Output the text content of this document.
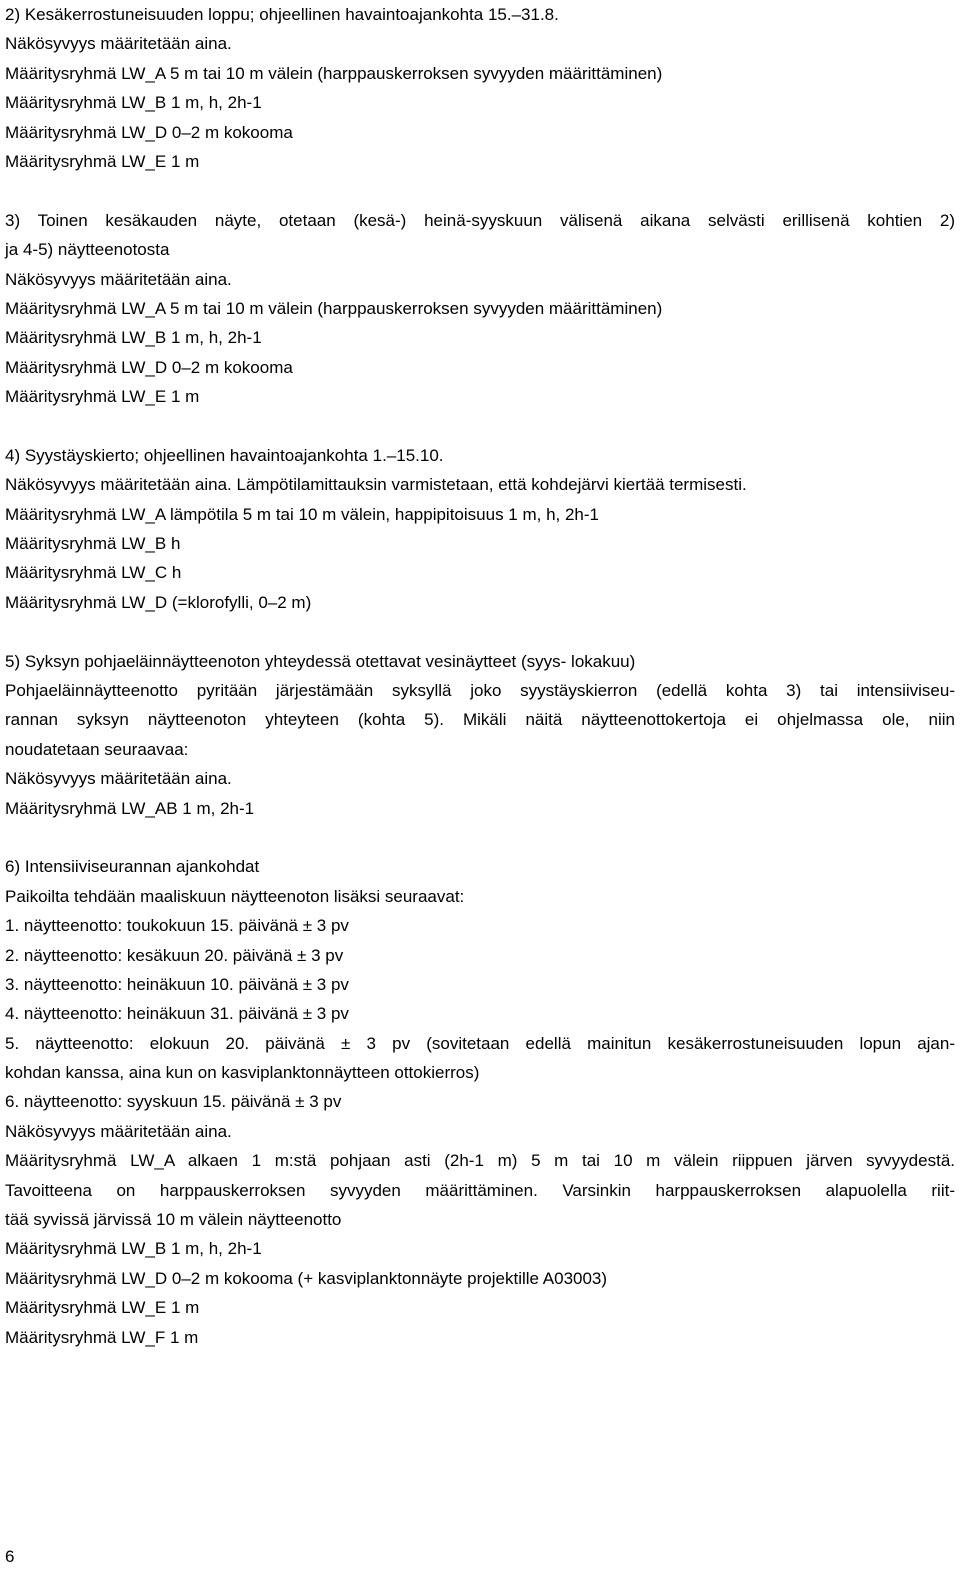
2) Kesäkerrostuneisuuden loppu; ohjeellinen havaintoajankohta 15.–31.8.
Näkösyvyys määritetään aina.
Määritysryhmä LW_A 5 m tai 10 m välein (harppauskerroksen syvyyden määrittäminen)
Määritysryhmä LW_B 1 m, h, 2h-1
Määritysryhmä LW_D 0–2 m kokooma
Määritysryhmä LW_E 1 m
3) Toinen kesäkauden näyte, otetaan (kesä-) heinä-syyskuun välisenä aikana selvästi erillisenä kohtien 2)
ja 4-5) näytteenotosta
Näkösyvyys määritetään aina.
Määritysryhmä LW_A 5 m tai 10 m välein (harppauskerroksen syvyyden määrittäminen)
Määritysryhmä LW_B 1 m, h, 2h-1
Määritysryhmä LW_D 0–2 m kokooma
Määritysryhmä LW_E 1 m
4) Syystäyskierto; ohjeellinen havaintoajankohta 1.–15.10.
Näkösyvyys määritetään aina. Lämpötilamittauksin varmistetaan, että kohdejärvi kiertää termisesti.
Määritysryhmä LW_A lämpötila 5 m tai 10 m välein, happipitoisuus 1 m, h, 2h-1
Määritysryhmä LW_B h
Määritysryhmä LW_C h
Määritysryhmä LW_D (=klorofylli, 0–2 m)
5) Syksyn pohjaeläinnäytteenoton yhteydessä otettavat vesinäytteet (syys- lokakuu)
Pohjaeläinnäytteenotto pyritään järjestämään syksyllä joko syystäyskierron (edellä kohta 3) tai intensiiviseu-
rannan syksyn näytteenoton yhteyteen (kohta 5). Mikäli näitä näytteenottokertoja ei ohjelmassa ole, niin
noudatetaan seuraavaa:
Näkösyvyys määritetään aina.
Määritysryhmä LW_AB 1 m, 2h-1
6) Intensiiviseurannan ajankohdat
Paikoilta tehdään maaliskuun näytteenoton lisäksi seuraavat:
1. näytteenotto: toukokuun 15. päivänä ± 3 pv
2. näytteenotto: kesäkuun 20. päivänä ± 3 pv
3. näytteenotto: heinäkuun 10. päivänä ± 3 pv
4. näytteenotto: heinäkuun 31. päivänä ± 3 pv
5. näytteenotto: elokuun 20. päivänä ± 3 pv (sovitetaan edellä mainitun kesäkerrostuneisuuden lopun ajan-
kohdan kanssa, aina kun on kasviplanktonnäytteen ottokierros)
6. näytteenotto: syyskuun 15. päivänä ± 3 pv
Näkösyvyys määritetään aina.
Määritysryhmä LW_A alkaen 1 m:stä pohjaan asti (2h-1 m) 5 m tai 10 m välein riippuen järven syvyydestä.
Tavoitteena on harppauskerroksen syvyyden määrittäminen. Varsinkin harppauskerroksen alapuolella riit-
tää syvissä järvissä 10 m välein näytteenotto
Määritysryhmä LW_B 1 m, h, 2h-1
Määritysryhmä LW_D 0–2 m kokooma (+ kasviplanktonnäyte projektille A03003)
Määritysryhmä LW_E 1 m
Määritysryhmä LW_F 1 m
6
